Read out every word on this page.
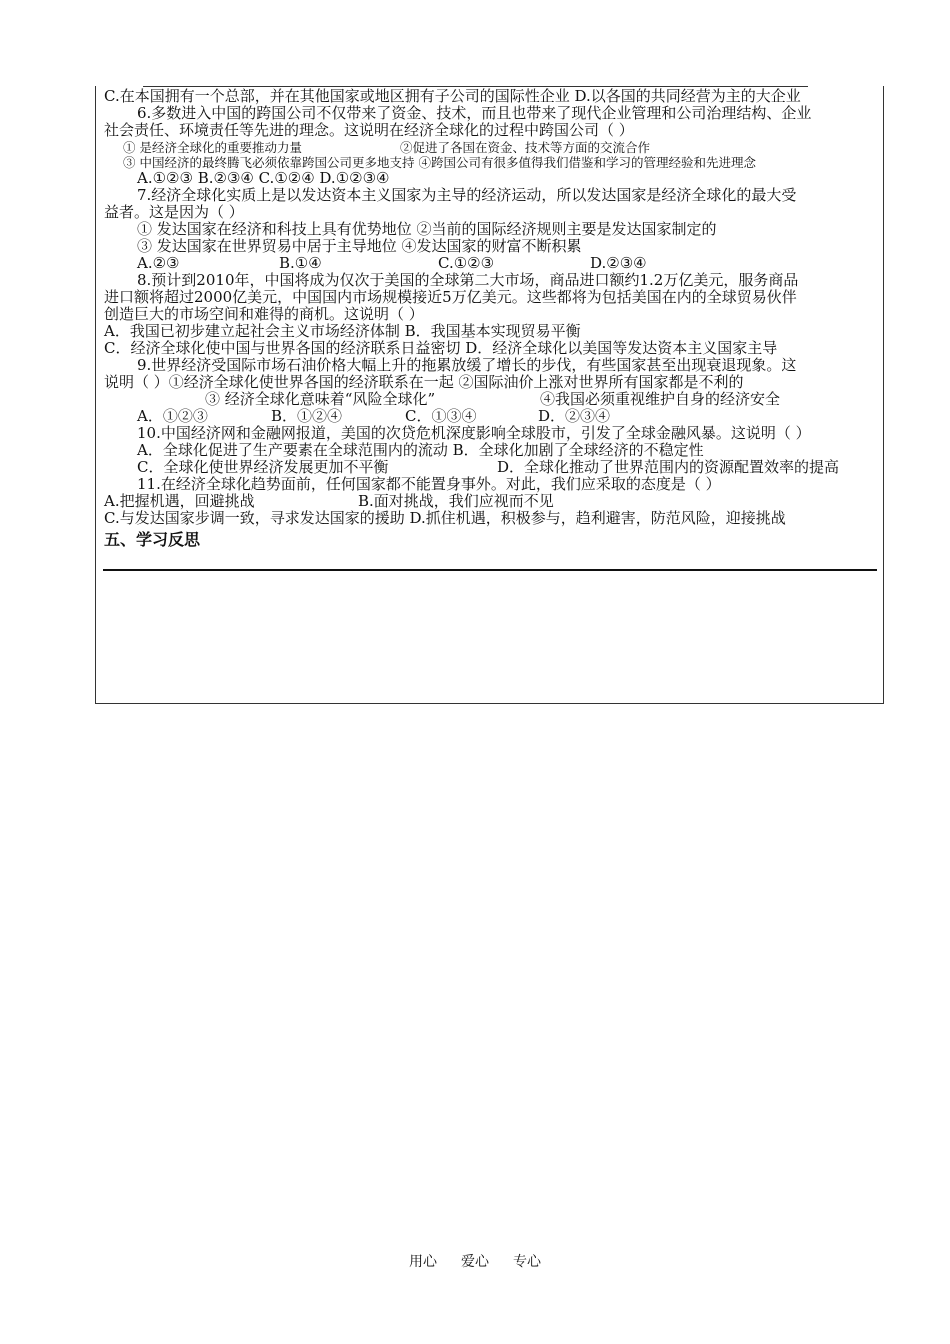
C.在本国拥有一个总部，并在其他国家或地区拥有子公司的国际性企业 D.以各国的共同经营为主的大企业
6.多数进入中国的跨国公司不仅带来了资金、技术，而且也带来了现代企业管理和公司治理结构、企业
社会责任、环境责任等先进的理念。这说明在经济全球化的过程中跨国公司（ ）
① 是经济全球化的重要推动力量	②促进了各国在资金、技术等方面的交流合作
③ 中国经济的最终腾飞必须依靠跨国公司更多地支持 ④跨国公司有很多值得我们借鉴和学习的管理经验和先进理念
A.①②③ B.②③④ C.①②④ D.①②③④
7.经济全球化实质上是以发达资本主义国家为主导的经济运动，所以发达国家是经济全球化的最大受
益者。这是因为（ ）
① 发达国家在经济和科技上具有优势地位 ②当前的国际经济规则主要是发达国家制定的
③ 发达国家在世界贸易中居于主导地位 ④发达国家的财富不断积累
A.②③	B.①④	C.①②③	D.②③④
8.预计到2010年，中国将成为仅次于美国的全球第二大市场，商品进口额约1.2万亿美元，服务商品
进口额将超过2000亿美元，中国国内市场规模接近5万亿美元。这些都将为包括美国在内的全球贸易伙伴
创造巨大的市场空间和难得的商机。这说明（ ）
A．我国已初步建立起社会主义市场经济体制 B．我国基本实现贸易平衡
C．经济全球化使中国与世界各国的经济联系日益密切 D．经济全球化以美国等发达资本主义国家主导
9.世界经济受国际市场石油价格大幅上升的拖累放缓了增长的步伐，有些国家甚至出现衰退现象。这
说明（ ）①经济全球化使世界各国的经济联系在一起 ②国际油价上涨对世界所有国家都是不利的
③ 经济全球化意味着“风险全球化”	④我国必须重视维护自身的经济安全
A．①②③	B．①②④	C．①③④	D．②③④
10.中国经济网和金融网报道，美国的次贷危机深度影响全球股市，引发了全球金融风暴。这说明（ ）
A．全球化促进了生产要素在全球范围内的流动 B．全球化加剧了全球经济的不稳定性
C．全球化使世界经济发展更加不平衡	D．全球化推动了世界范围内的资源配置效率的提高
11.在经济全球化趋势面前，任何国家都不能置身事外。对此，我们应采取的态度是（ ）
A.把握机遇，回避挑战	B.面对挑战，我们应视而不见
C.与发达国家步调一致，寻求发达国家的援助 D.抓住机遇，积极参与，趋利避害，防范风险，迎接挑战
五、学习反思
用心 爱心 专心
